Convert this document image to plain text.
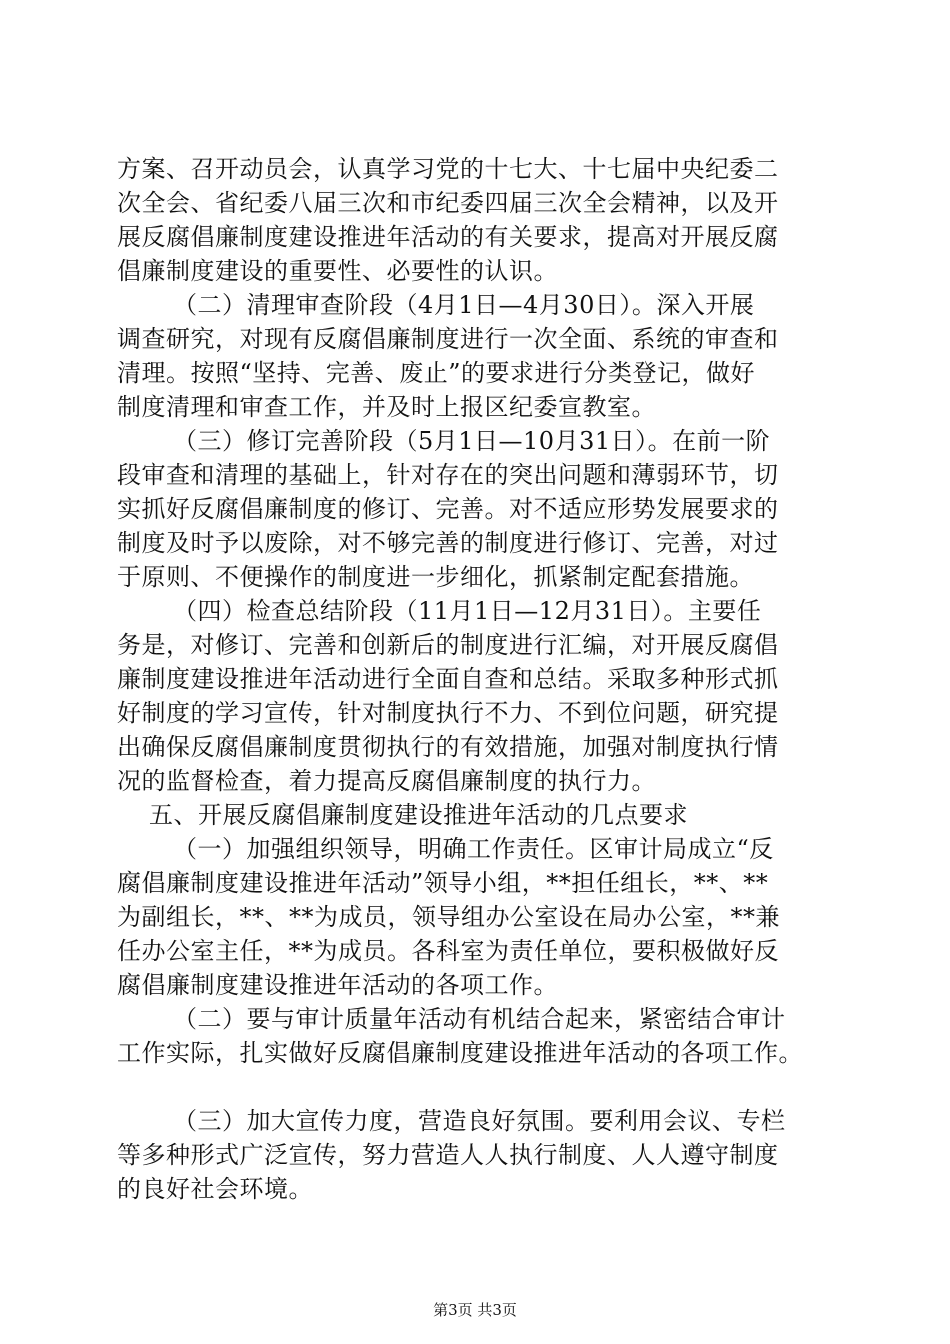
方案、召开动员会，认真学习党的十七大、十七届中央纪委二
次全会、省纪委八届三次和市纪委四届三次全会精神，以及开
展反腐倡廉制度建设推进年活动的有关要求，提高对开展反腐
倡廉制度建设的重要性、必要性的认识。
（二）清理审查阶段（4月1日—4月30日）。深入开展
调查研究，对现有反腐倡廉制度进行一次全面、系统的审查和
清理。按照“坚持、完善、废止”的要求进行分类登记，做好
制度清理和审查工作，并及时上报区纪委宣教室。
（三）修订完善阶段（5月1日—10月31日）。在前一阶
段审查和清理的基础上，针对存在的突出问题和薄弱环节，切
实抓好反腐倡廉制度的修订、完善。对不适应形势发展要求的
制度及时予以废除，对不够完善的制度进行修订、完善，对过
于原则、不便操作的制度进一步细化，抓紧制定配套措施。
（四）检查总结阶段（11月1日—12月31日）。主要任
务是，对修订、完善和创新后的制度进行汇编，对开展反腐倡
廉制度建设推进年活动进行全面自查和总结。采取多种形式抓
好制度的学习宣传，针对制度执行不力、不到位问题，研究提
出确保反腐倡廉制度贯彻执行的有效措施，加强对制度执行情
况的监督检查，着力提高反腐倡廉制度的执行力。
五、开展反腐倡廉制度建设推进年活动的几点要求
（一）加强组织领导，明确工作责任。区审计局成立“反
腐倡廉制度建设推进年活动”领导小组，**担任组长，**、**
为副组长，**、**为成员，领导组办公室设在局办公室，**兼
任办公室主任，**为成员。各科室为责任单位，要积极做好反
腐倡廉制度建设推进年活动的各项工作。
（二）要与审计质量年活动有机结合起来，紧密结合审计
工作实际，扎实做好反腐倡廉制度建设推进年活动的各项工作。
（三）加大宣传力度，营造良好氛围。要利用会议、专栏
等多种形式广泛宣传，努力营造人人执行制度、人人遵守制度
的良好社会环境。
第3页 共3页
